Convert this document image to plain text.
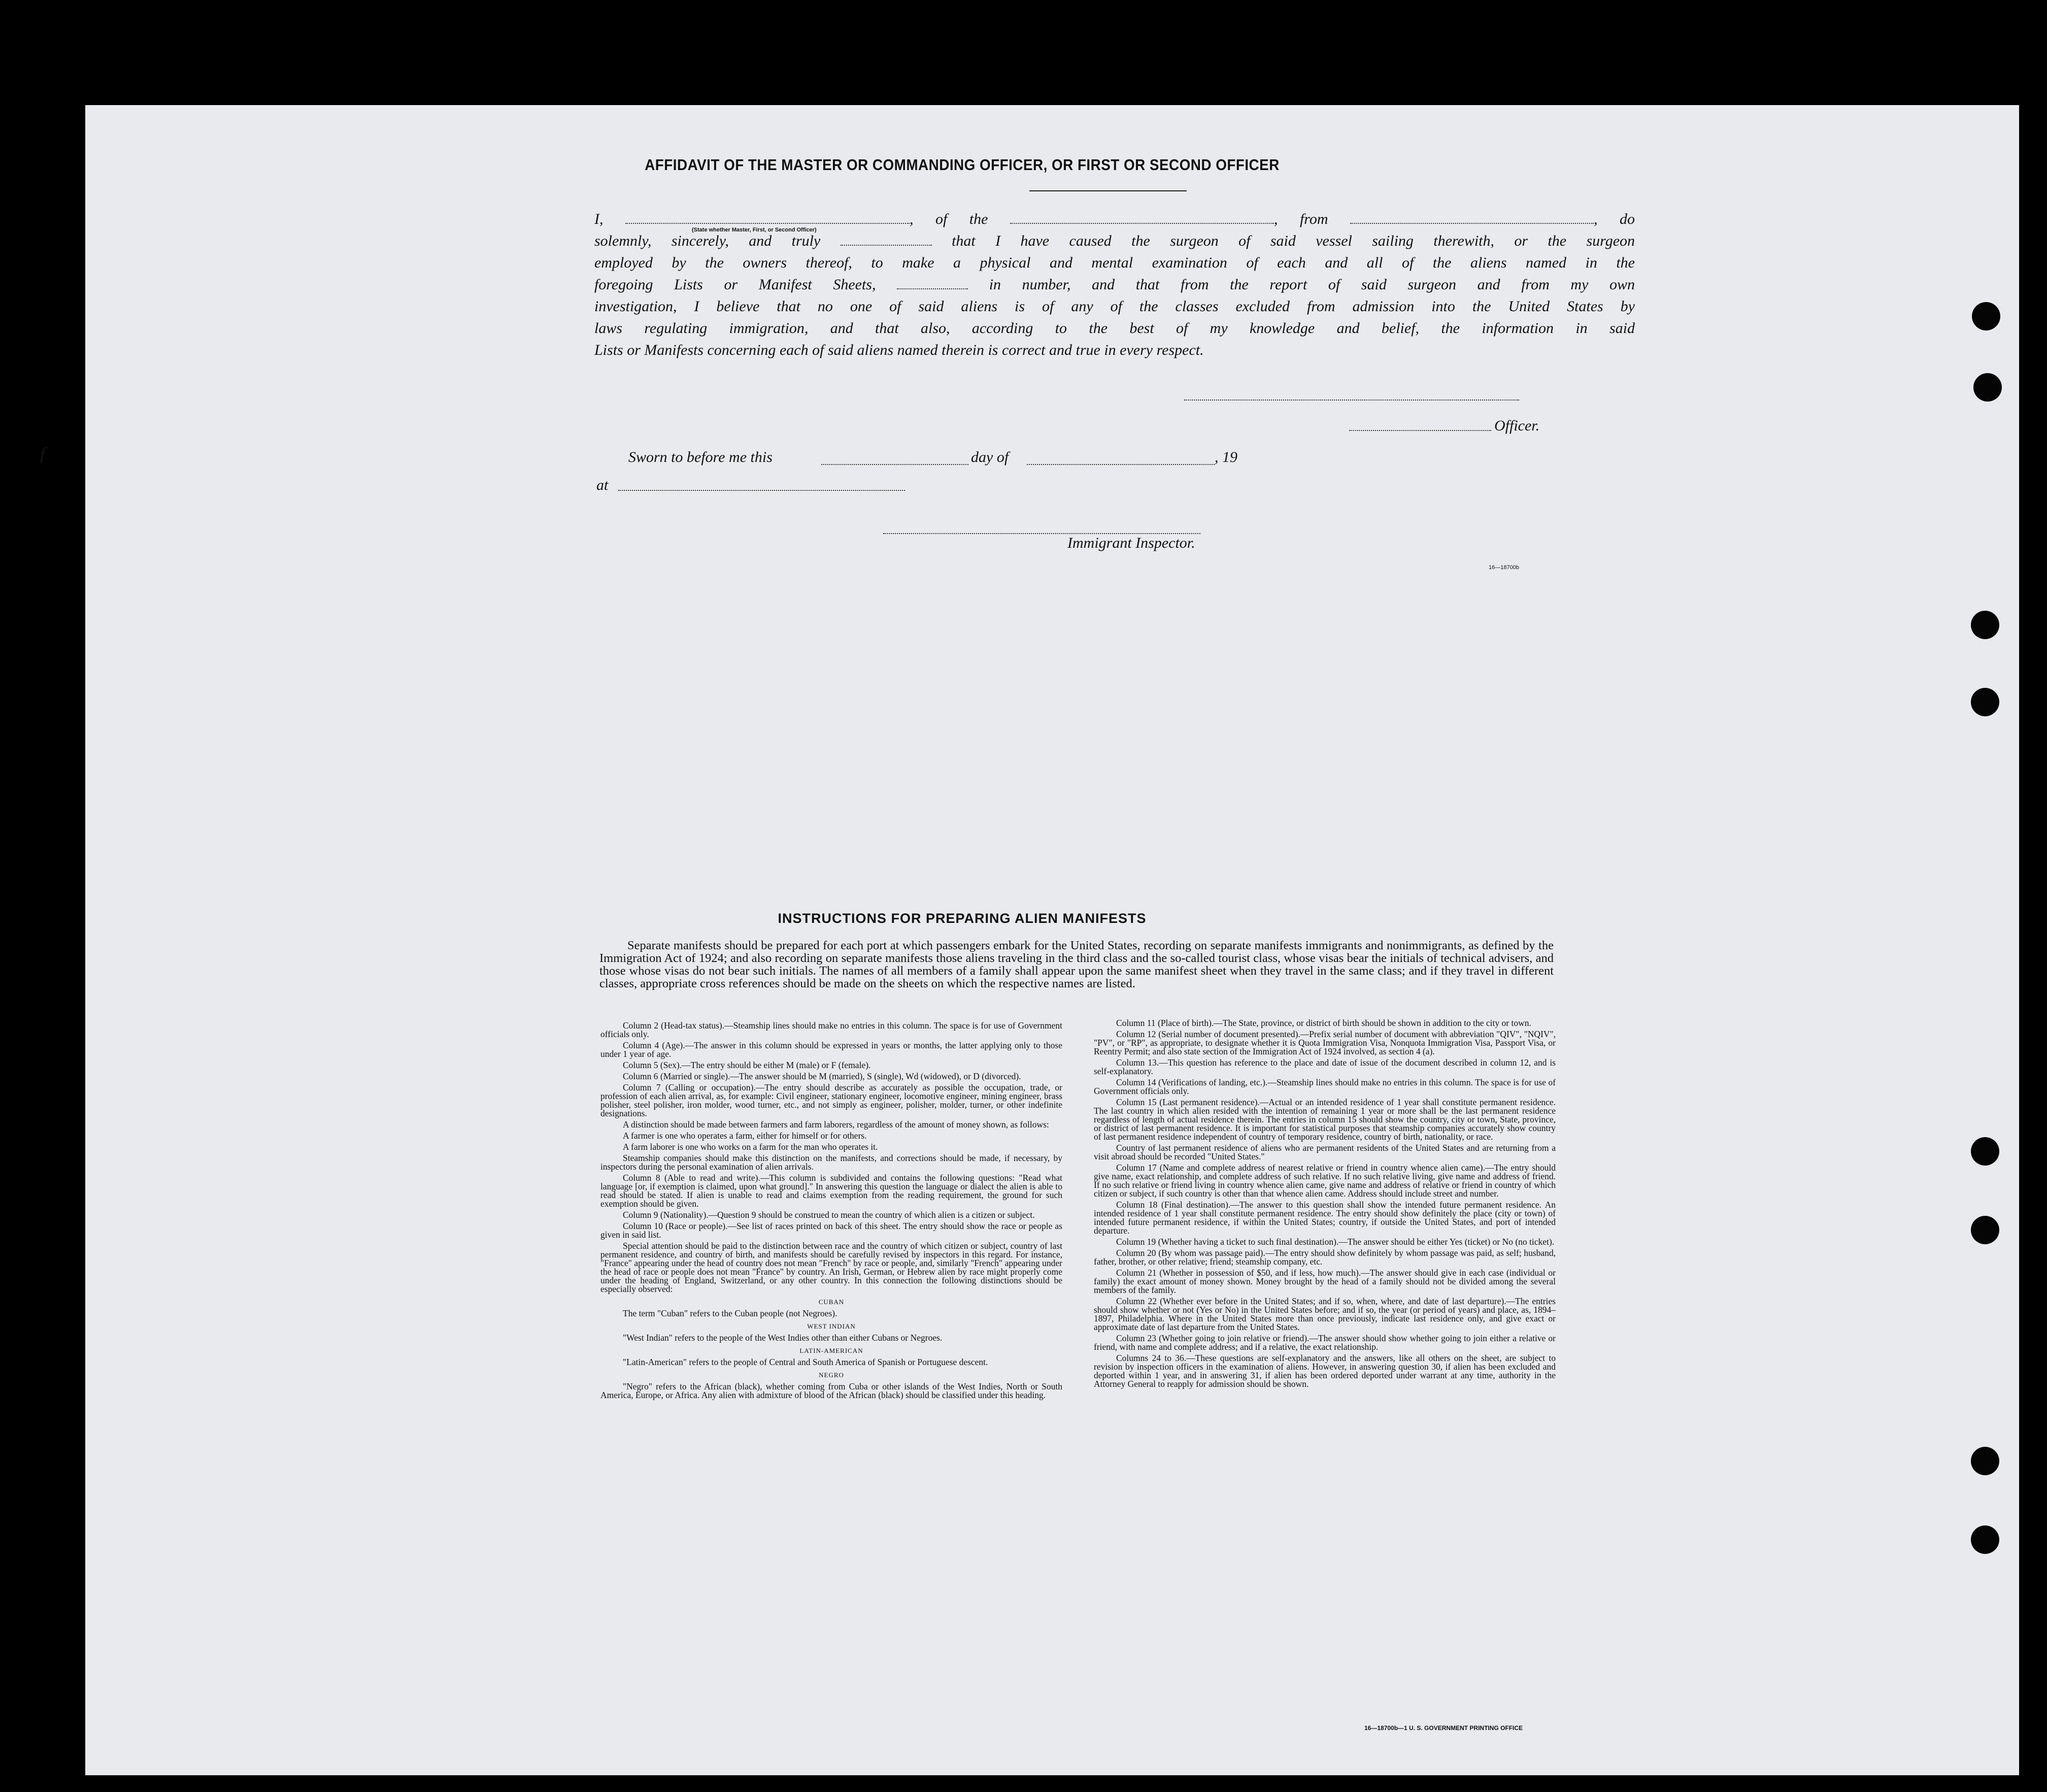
AFFIDAVIT OF THE MASTER OR COMMANDING OFFICER, OR FIRST OR SECOND OFFICER
I,	, of the	, from	, do
(State whether Master, First, or Second Officer)
solemnly, sincerely, and truly	that I have caused the surgeon of said vessel sailing therewith, or the surgeon
employed by the owners thereof, to make a physical and mental examination of each and all of the aliens named in the
foregoing Lists or Manifest Sheets,	in number, and that from the report of said surgeon and from my own
investigation, I believe that no one of said aliens is of any of the classes excluded from admission into the United States by
laws regulating immigration, and that also, according to the best of my knowledge and belief, the information in said
Lists or Manifests concerning each of said aliens named therein is correct and true in every respect.
Officer.
Sworn to before me this	day of	, 19
at
Immigrant Inspector.
16—18700b
INSTRUCTIONS FOR PREPARING ALIEN MANIFESTS
Separate manifests should be prepared for each port at which passengers embark for the United States, recording on separate manifests immigrants and nonimmigrants, as defined by the Immigration Act of 1924; and also recording on separate manifests those aliens traveling in the third class and the so-called tourist class, whose visas bear the initials of technical advisers, and those whose visas do not bear such initials. The names of all members of a family shall appear upon the same manifest sheet when they travel in the same class; and if they travel in different classes, appropriate cross references should be made on the sheets on which the respective names are listed.

Column 2 (Head-tax status).—Steamship lines should make no entries in this column. The space is for use of Government officials only.

Column 4 (Age).—The answer in this column should be expressed in years or months, the latter applying only to those under 1 year of age.

Column 5 (Sex).—The entry should be either M (male) or F (female).

Column 6 (Married or single).—The answer should be M (married), S (single), Wd (widowed), or D (divorced).

Column 7 (Calling or occupation).—The entry should describe as accurately as possible the occupation, trade, or profession of each alien arrival, as, for example: Civil engineer, stationary engineer, locomotive engineer, mining engineer, brass polisher, steel polisher, iron molder, wood turner, etc., and not simply as engineer, polisher, molder, turner, or other indefinite designations.

A distinction should be made between farmers and farm laborers, regardless of the amount of money shown, as follows:

A farmer is one who operates a farm, either for himself or for others.

A farm laborer is one who works on a farm for the man who operates it.

Steamship companies should make this distinction on the manifests, and corrections should be made, if necessary, by inspectors during the personal examination of alien arrivals.

Column 8 (Able to read and write).—This column is subdivided and contains the following questions: "Read what language [or, if exemption is claimed, upon what ground]." In answering this question the language or dialect the alien is able to read should be stated. If alien is unable to read and claims exemption from the reading requirement, the ground for such exemption should be given.

Column 9 (Nationality).—Question 9 should be construed to mean the country of which alien is a citizen or subject.

Column 10 (Race or people).—See list of races printed on back of this sheet. The entry should show the race or people as given in said list.

Special attention should be paid to the distinction between race and the country of which citizen or subject, country of last permanent residence, and country of birth, and manifests should be carefully revised by inspectors in this regard. For instance, "France" appearing under the head of country does not mean "French" by race or people, and, similarly "French" appearing under the head of race or people does not mean "France" by country. An Irish, German, or Hebrew alien by race might properly come under the heading of England, Switzerland, or any other country. In this connection the following distinctions should be especially observed:

CUBAN

The term "Cuban" refers to the Cuban people (not Negroes).

WEST INDIAN

"West Indian" refers to the people of the West Indies other than either Cubans or Negroes.

LATIN-AMERICAN

"Latin-American" refers to the people of Central and South America of Spanish or Portuguese descent.

NEGRO

"Negro" refers to the African (black), whether coming from Cuba or other islands of the West Indies, North or South America, Europe, or Africa. Any alien with admixture of blood of the African (black) should be classified under this heading.

Column 11 (Place of birth).—The State, province, or district of birth should be shown in addition to the city or town.

Column 12 (Serial number of document presented).—Prefix serial number of document with abbreviation "QIV", "NQIV", "PV", or "RP", as appropriate, to designate whether it is Quota Immigration Visa, Nonquota Immigration Visa, Passport Visa, or Reentry Permit; and also state section of the Immigration Act of 1924 involved, as section 4 (a).

Column 13.—This question has reference to the place and date of issue of the document described in column 12, and is self-explanatory.

Column 14 (Verifications of landing, etc.).—Steamship lines should make no entries in this column. The space is for use of Government officials only.

Column 15 (Last permanent residence).—Actual or an intended residence of 1 year shall constitute permanent residence. The last country in which alien resided with the intention of remaining 1 year or more shall be the last permanent residence regardless of length of actual residence therein. The entries in column 15 should show the country, city or town, State, province, or district of last permanent residence. It is important for statistical purposes that steamship companies accurately show country of last permanent residence independent of country of temporary residence, country of birth, nationality, or race.

Country of last permanent residence of aliens who are permanent residents of the United States and are returning from a visit abroad should be recorded "United States."

Column 17 (Name and complete address of nearest relative or friend in country whence alien came).—The entry should give name, exact relationship, and complete address of such relative. If no such relative living, give name and address of friend. If no such relative or friend living in country whence alien came, give name and address of relative or friend in country of which citizen or subject, if such country is other than that whence alien came. Address should include street and number.

Column 18 (Final destination).—The answer to this question shall show the intended future permanent residence. An intended residence of 1 year shall constitute permanent residence. The entry should show definitely the place (city or town) of intended future permanent residence, if within the United States; country, if outside the United States, and port of intended departure.

Column 19 (Whether having a ticket to such final destination).—The answer should be either Yes (ticket) or No (no ticket).

Column 20 (By whom was passage paid).—The entry should show definitely by whom passage was paid, as self; husband, father, brother, or other relative; friend; steamship company, etc.

Column 21 (Whether in possession of $50, and if less, how much).—The answer should give in each case (individual or family) the exact amount of money shown. Money brought by the head of a family should not be divided among the several members of the family.

Column 22 (Whether ever before in the United States; and if so, when, where, and date of last departure).—The entries should show whether or not (Yes or No) in the United States before; and if so, the year (or period of years) and place, as, 1894–1897, Philadelphia. Where in the United States more than once previously, indicate last residence only, and give exact or approximate date of last departure from the United States.

Column 23 (Whether going to join relative or friend).—The answer should show whether going to join either a relative or friend, with name and complete address; and if a relative, the exact relationship.

Columns 24 to 36.—These questions are self-explanatory and the answers, like all others on the sheet, are subject to revision by inspection officers in the examination of aliens. However, in answering question 30, if alien has been excluded and deported within 1 year, and in answering 31, if alien has been ordered deported under warrant at any time, authority in the Attorney General to reapply for admission should be shown.

16—18700b—1 U. S. GOVERNMENT PRINTING OFFICE
ƒ
